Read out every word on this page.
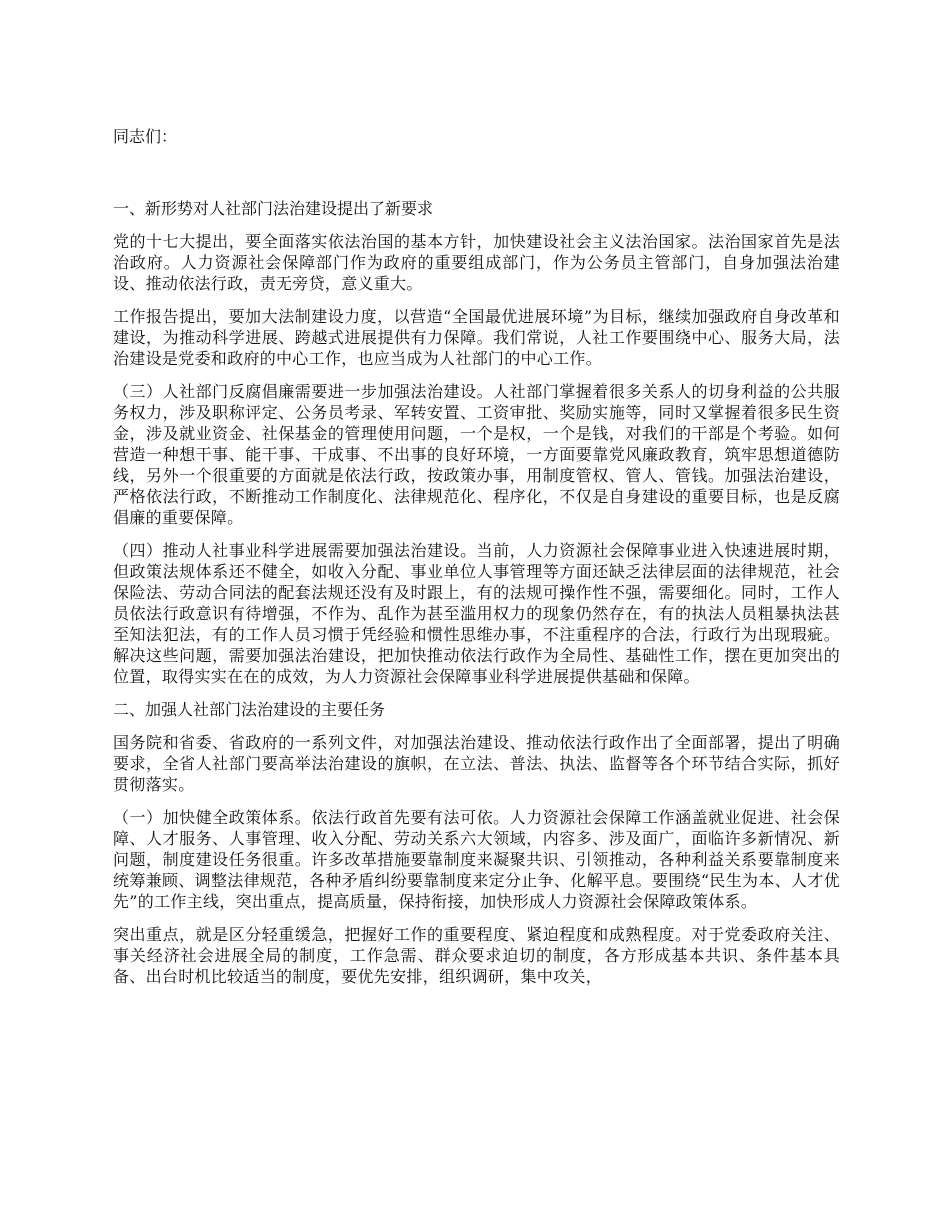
同志们：

一、新形势对人社部门法治建设提出了新要求

党的十七大提出，要全面落实依法治国的基本方针，加快建设社会主义法治国家。法治国家首先是法治政府。人力资源社会保障部门作为政府的重要组成部门，作为公务员主管部门，自身加强法治建设、推动依法行政，责无旁贷，意义重大。

工作报告提出，要加大法制建设力度，以营造“全国最优进展环境”为目标，继续加强政府自身改革和建设，为推动科学进展、跨越式进展提供有力保障。我们常说，人社工作要围绕中心、服务大局，法治建设是党委和政府的中心工作，也应当成为人社部门的中心工作。

（三）人社部门反腐倡廉需要进一步加强法治建设。人社部门掌握着很多关系人的切身利益的公共服务权力，涉及职称评定、公务员考录、军转安置、工资审批、奖励实施等，同时又掌握着很多民生资金，涉及就业资金、社保基金的管理使用问题，一个是权，一个是钱，对我们的干部是个考验。如何营造一种想干事、能干事、干成事、不出事的良好环境，一方面要靠党风廉政教育，筑牢思想道德防线，另外一个很重要的方面就是依法行政，按政策办事，用制度管权、管人、管钱。加强法治建设，严格依法行政，不断推动工作制度化、法律规范化、程序化，不仅是自身建设的重要目标，也是反腐倡廉的重要保障。

（四）推动人社事业科学进展需要加强法治建设。当前，人力资源社会保障事业进入快速进展时期，但政策法规体系还不健全，如收入分配、事业单位人事管理等方面还缺乏法律层面的法律规范，社会保险法、劳动合同法的配套法规还没有及时跟上，有的法规可操作性不强，需要细化。同时，工作人员依法行政意识有待增强，不作为、乱作为甚至滥用权力的现象仍然存在，有的执法人员粗暴执法甚至知法犯法，有的工作人员习惯于凭经验和惯性思维办事，不注重程序的合法，行政行为出现瑕疵。解决这些问题，需要加强法治建设，把加快推动依法行政作为全局性、基础性工作，摆在更加突出的位置，取得实实在在的成效，为人力资源社会保障事业科学进展提供基础和保障。

二、加强人社部门法治建设的主要任务

国务院和省委、省政府的一系列文件，对加强法治建设、推动依法行政作出了全面部署，提出了明确要求，全省人社部门要高举法治建设的旗帜，在立法、普法、执法、监督等各个环节结合实际，抓好贯彻落实。

（一）加快健全政策体系。依法行政首先要有法可依。人力资源社会保障工作涵盖就业促进、社会保障、人才服务、人事管理、收入分配、劳动关系六大领域，内容多、涉及面广，面临许多新情况、新问题，制度建设任务很重。许多改革措施要靠制度来凝聚共识、引领推动，各种利益关系要靠制度来统筹兼顾、调整法律规范，各种矛盾纠纷要靠制度来定分止争、化解平息。要围绕“民生为本、人才优先”的工作主线，突出重点，提高质量，保持衔接，加快形成人力资源社会保障政策体系。

突出重点，就是区分轻重缓急，把握好工作的重要程度、紧迫程度和成熟程度。对于党委政府关注、事关经济社会进展全局的制度，工作急需、群众要求迫切的制度，各方形成基本共识、条件基本具备、出台时机比较适当的制度，要优先安排，组织调研，集中攻关，
